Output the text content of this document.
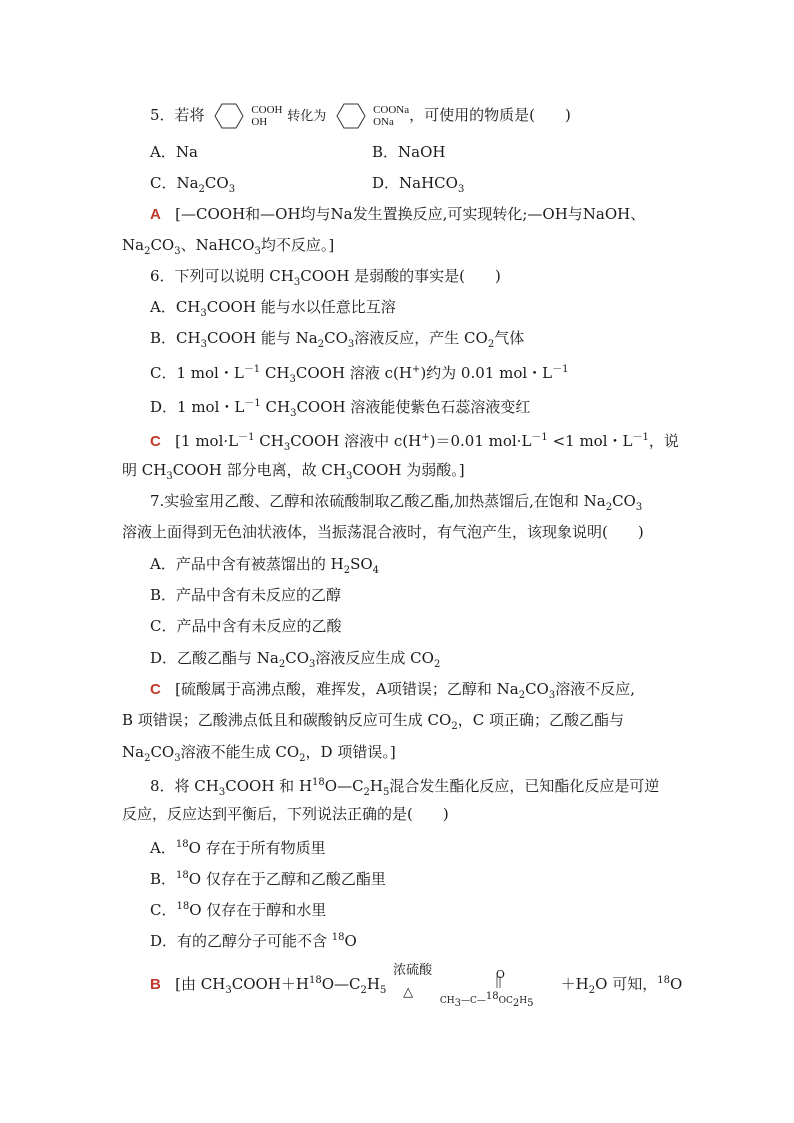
5．若将	COOH
OH 转化为	COONa
ONa ，可使用的物质是(　　)
A．Na	B．NaOH
C．$Na_2CO_3$	D．NaHCO$_3$
A [—COOH和—OH均与Na发生置换反应,可实现转化;—OH与NaOH、
$Na_2CO_3$、NaHCO$_3$均不反应。]
6．下列可以说明 $CH_3COOH$ 是弱酸的事实是(　　)
A．$CH_3COOH$ 能与水以任意比互溶
B．$CH_3COOH$ 能与 $Na_2CO_3$溶液反应，产生 $CO_2$气体
C．1 mol・$L^{-1}$ $CH_3COOH$ 溶液 c(H+)约为 0.01 mol・$L^{-1}$
D．1 mol・$L^{-1}$ $CH_3COOH$ 溶液能使紫色石蕊溶液变红
C [1 $mol\cdot L^{-1}$ $CH_3COOH$ 溶液中 c(H+)＝0.01 $mol\cdot L^{-1} <1$ mol・$L^{-1}$，说
明 $CH_3COOH$ 部分电离，故 $CH_3COOH$ 为弱酸。]
7.实验室用乙酸、乙醇和浓硫酸制取乙酸乙酯,加热蒸馏后,在饱和 $Na_2CO_3$
溶液上面得到无色油状液体，当振荡混合液时，有气泡产生，该现象说明(　　)
A．产品中含有被蒸馏出的 $H_2SO_4$
B．产品中含有未反应的乙醇
C．产品中含有未反应的乙酸
D．乙酸乙酯与 $Na_2CO_3$溶液反应生成 $CO_2$
C [硫酸属于高沸点酸，难挥发，A项错误；乙醇和 $Na_2CO_3$溶液不反应,
B 项错误；乙酸沸点低且和碳酸钠反应可生成 $CO_2$，C 项正确；乙酸乙酯与
$Na_2CO_3$溶液不能生成 $CO_2$，D 项错误。]
8．将 $CH_3COOH$ 和 $H^{18}O—C_2H_5$混合发生酯化反应，已知酯化反应是可逆
反应，反应达到平衡后，下列说法正确的是(　　)
A．$^{18}$O 存在于所有物质里
B．$^{18}$O 仅存在于乙醇和乙酸乙酯里
C．$^{18}$O 仅存在于醇和水里
D．有的乙醇分子可能不含 $^{18}$O
B [由 $CH_3COOH+H^{18}O—C_2H_5$
浓硫酸
△

O
$CH_3—C—^{18}OC_2H_5$
$+H_2O$ 可知，$^{18}$O
